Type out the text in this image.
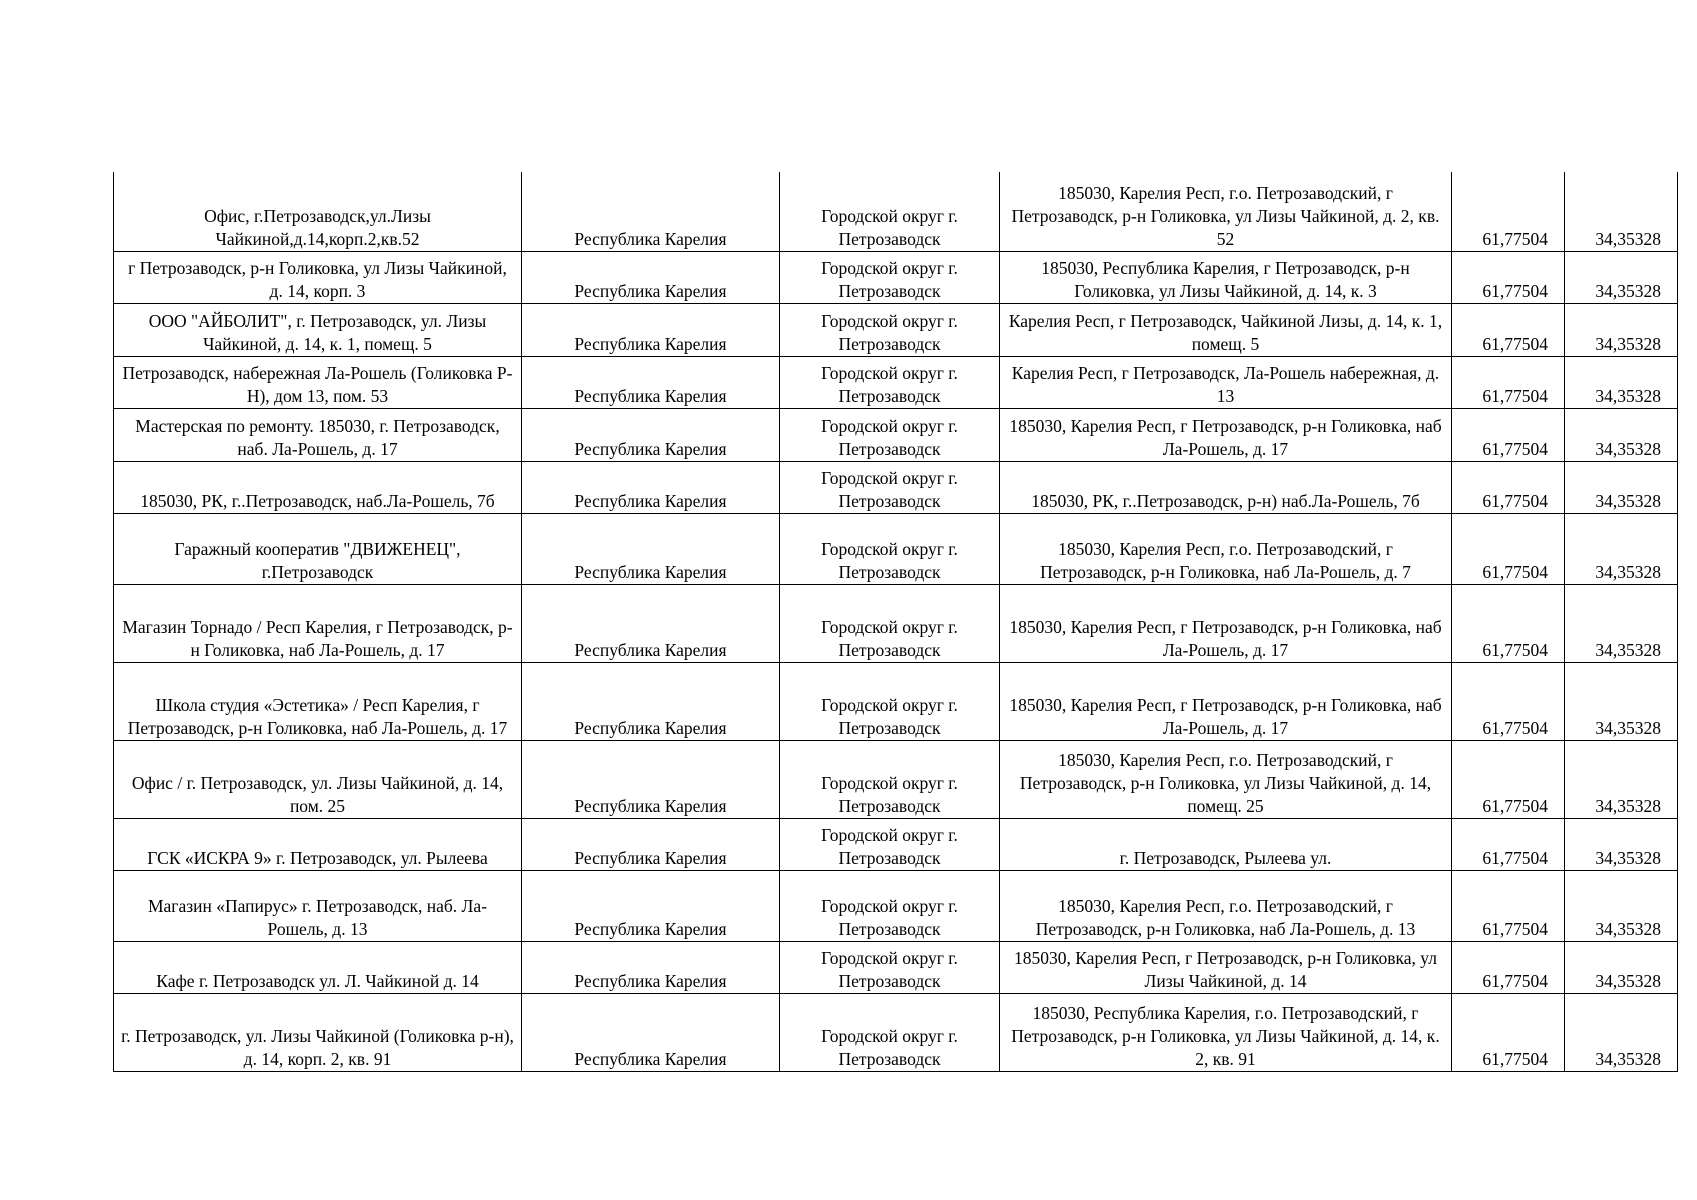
Офис, г.Петрозаводск,ул.Лизы Чайкиной,д.14,корп.2,кв.52	Республика Карелия	Городской округ г. Петрозаводск	185030, Карелия Респ, г.о. Петрозаводский, г Петрозаводск, р-н Голиковка, ул Лизы Чайкиной, д. 2, кв. 52	61,77504	34,35328

г Петрозаводск, р-н Голиковка, ул Лизы Чайкиной, д. 14, корп. 3	Республика Карелия	Городской округ г. Петрозаводск	185030, Республика Карелия, г Петрозаводск, р-н Голиковка, ул Лизы Чайкиной, д. 14, к. 3	61,77504	34,35328

ООО "АЙБОЛИТ", г. Петрозаводск, ул. Лизы Чайкиной, д. 14, к. 1, помещ. 5	Республика Карелия	Городской округ г. Петрозаводск	Карелия Респ, г Петрозаводск, Чайкиной Лизы, д. 14, к. 1, помещ. 5	61,77504	34,35328

Петрозаводск, набережная Ла-Рошель (Голиковка Р-Н), дом 13, пом. 53	Республика Карелия	Городской округ г. Петрозаводск	Карелия Респ, г Петрозаводск, Ла-Рошель набережная, д. 13	61,77504	34,35328

Мастерская по ремонту. 185030, г. Петрозаводск, наб. Ла-Рошель, д. 17	Республика Карелия	Городской округ г. Петрозаводск	185030, Карелия Респ, г Петрозаводск, р-н Голиковка, наб Ла-Рошель, д. 17	61,77504	34,35328

185030, РК, г..Петрозаводск, наб.Ла-Рошель, 7б	Республика Карелия	Городской округ г. Петрозаводск	185030, РК, г..Петрозаводск, р-н) наб.Ла-Рошель, 7б	61,77504	34,35328

Гаражный кооператив "ДВИЖЕНЕЦ", г.Петрозаводск	Республика Карелия	Городской округ г. Петрозаводск	185030, Карелия Респ, г.о. Петрозаводский, г Петрозаводск, р-н Голиковка, наб Ла-Рошель, д. 7	61,77504	34,35328

Магазин Торнадо / Респ Карелия, г Петрозаводск, р-н Голиковка, наб Ла-Рошель, д. 17	Республика Карелия	Городской округ г. Петрозаводск	185030, Карелия Респ, г Петрозаводск, р-н Голиковка, наб Ла-Рошель, д. 17	61,77504	34,35328

Школа студия «Эстетика» / Респ Карелия, г Петрозаводск, р-н Голиковка, наб Ла-Рошель, д. 17	Республика Карелия	Городской округ г. Петрозаводск	185030, Карелия Респ, г Петрозаводск, р-н Голиковка, наб Ла-Рошель, д. 17	61,77504	34,35328

Офис / г. Петрозаводск, ул. Лизы Чайкиной, д. 14, пом. 25	Республика Карелия	Городской округ г. Петрозаводск	185030, Карелия Респ, г.о. Петрозаводский, г Петрозаводск, р-н Голиковка, ул Лизы Чайкиной, д. 14, помещ. 25	61,77504	34,35328

ГСК «ИСКРА 9» г. Петрозаводск, ул. Рылеева	Республика Карелия	Городской округ г. Петрозаводск	г. Петрозаводск, Рылеева ул.	61,77504	34,35328

Магазин «Папирус» г. Петрозаводск, наб. Ла-Рошель, д. 13	Республика Карелия	Городской округ г. Петрозаводск	185030, Карелия Респ, г.о. Петрозаводский, г Петрозаводск, р-н Голиковка, наб Ла-Рошель, д. 13	61,77504	34,35328

Кафе г. Петрозаводск ул. Л. Чайкиной д. 14	Республика Карелия	Городской округ г. Петрозаводск	185030, Карелия Респ, г Петрозаводск, р-н Голиковка, ул Лизы Чайкиной, д. 14	61,77504	34,35328

г. Петрозаводск, ул. Лизы Чайкиной (Голиковка р-н), д. 14, корп. 2, кв. 91	Республика Карелия	Городской округ г. Петрозаводск	185030, Республика Карелия, г.о. Петрозаводский, г Петрозаводск, р-н Голиковка, ул Лизы Чайкиной, д. 14, к. 2, кв. 91	61,77504	34,35328
